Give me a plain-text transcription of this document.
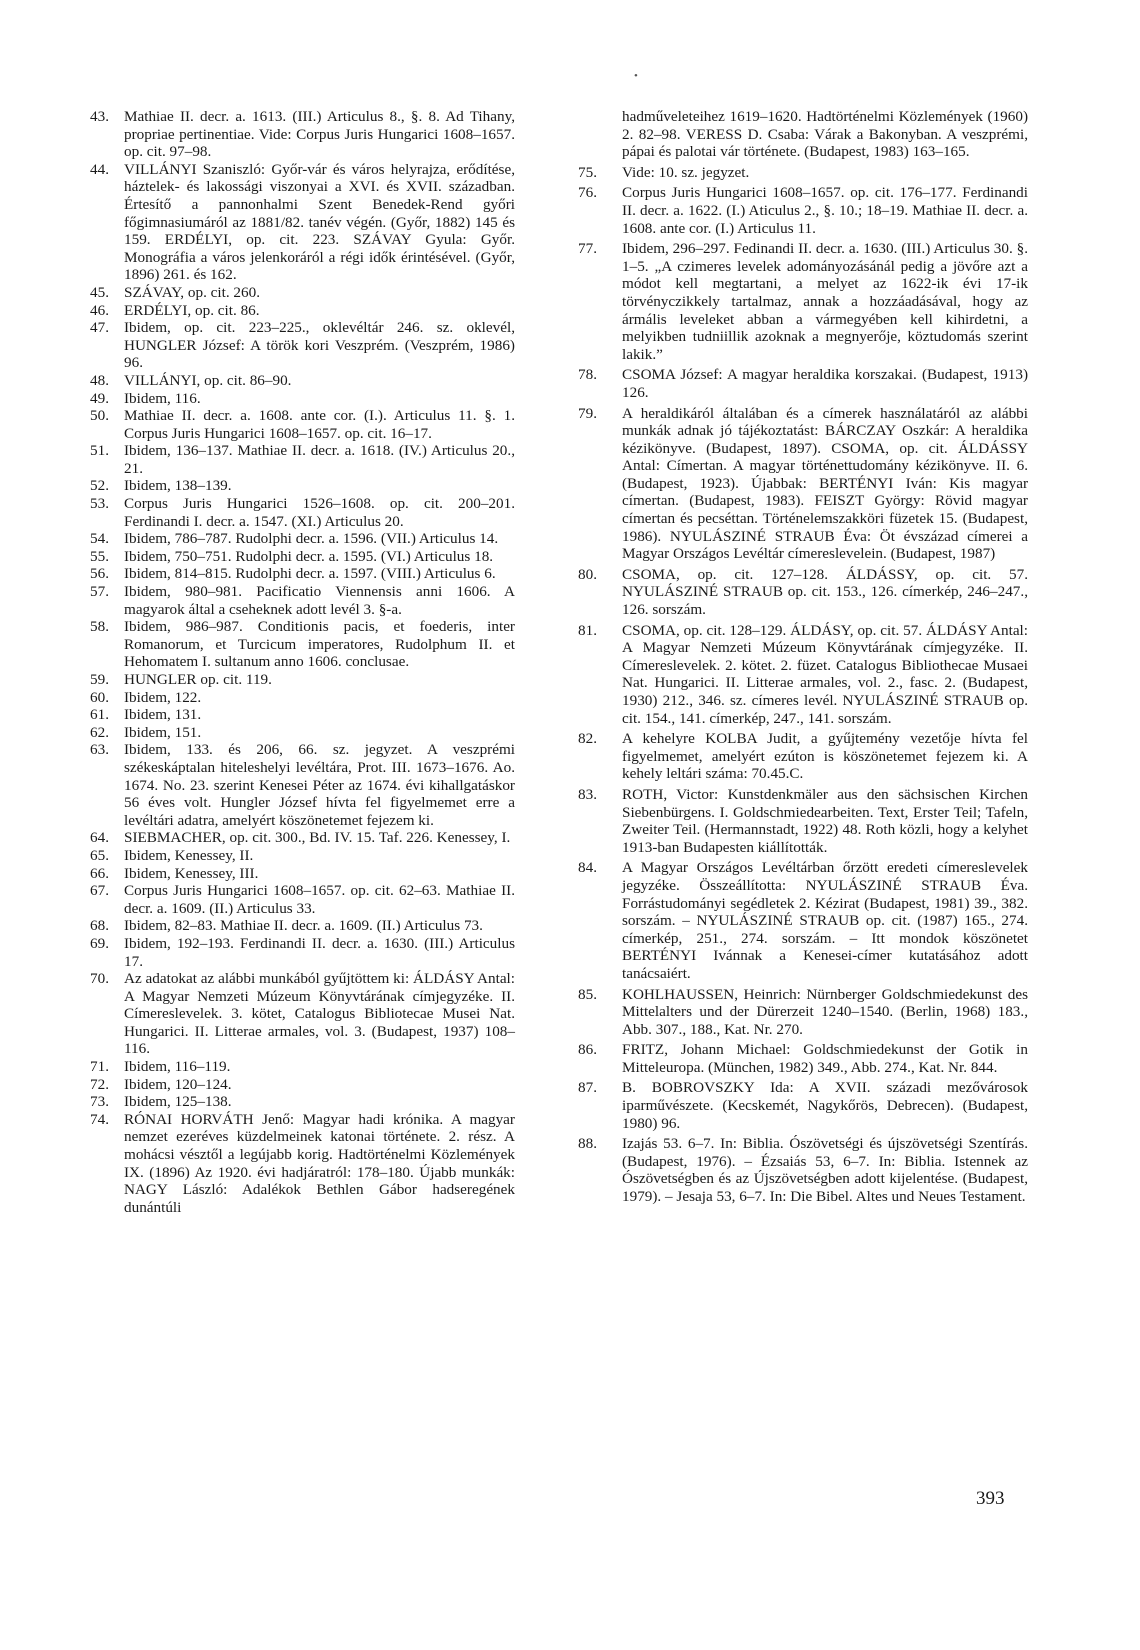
•
43. Mathiae II. decr. a. 1613. (III.) Articulus 8., §. 8. Ad Tihany, propriae pertinentiae. Vide: Corpus Juris Hungarici 1608–1657. op. cit. 97–98.
44. VILLÁNYI Szaniszló: Győr-vár és város helyrajza, erődítése, háztelek- és lakossági viszonyai a XVI. és XVII. században. Értesítő a pannonhalmi Szent Benedek-Rend győri főgimnasiumáról az 1881/82. tanév végén. (Győr, 1882) 145 és 159. ERDÉLYI, op. cit. 223. SZÁVAY Gyula: Győr. Monográfia a város jelenkoráról a régi idők érintésével. (Győr, 1896) 261. és 162.
45. SZÁVAY, op. cit. 260.
46. ERDÉLYI, op. cit. 86.
47. Ibidem, op. cit. 223–225., oklevéltár 246. sz. oklevél, HUNGLER József: A török kori Veszprém. (Veszprém, 1986) 96.
48. VILLÁNYI, op. cit. 86–90.
49. Ibidem, 116.
50. Mathiae II. decr. a. 1608. ante cor. (I.). Articulus 11. §. 1. Corpus Juris Hungarici 1608–1657. op. cit. 16–17.
51. Ibidem, 136–137. Mathiae II. decr. a. 1618. (IV.) Articulus 20., 21.
52. Ibidem, 138–139.
53. Corpus Juris Hungarici 1526–1608. op. cit. 200–201. Ferdinandi I. decr. a. 1547. (XI.) Articulus 20.
54. Ibidem, 786–787. Rudolphi decr. a. 1596. (VII.) Articulus 14.
55. Ibidem, 750–751. Rudolphi decr. a. 1595. (VI.) Articulus 18.
56. Ibidem, 814–815. Rudolphi decr. a. 1597. (VIII.) Articulus 6.
57. Ibidem, 980–981. Pacificatio Viennensis anni 1606. A magyarok által a cseheknek adott levél 3. §-a.
58. Ibidem, 986–987. Conditionis pacis, et foederis, inter Romanorum, et Turcicum imperatores, Rudolphum II. et Hehomatem I. sultanum anno 1606. conclusae.
59. HUNGLER op. cit. 119.
60. Ibidem, 122.
61. Ibidem, 131.
62. Ibidem, 151.
63. Ibidem, 133. és 206, 66. sz. jegyzet. A veszprémi székeskáptalan hiteleshelyi levéltára, Prot. III. 1673–1676. Ao. 1674. No. 23. szerint Kenesei Péter az 1674. évi kihallgatáskor 56 éves volt. Hungler József hívta fel figyelmemet erre a levéltári adatra, amelyért köszönetemet fejezem ki.
64. SIEBMACHER, op. cit. 300., Bd. IV. 15. Taf. 226. Kenessey, I.
65. Ibidem, Kenessey, II.
66. Ibidem, Kenessey, III.
67. Corpus Juris Hungarici 1608–1657. op. cit. 62–63. Mathiae II. decr. a. 1609. (II.) Articulus 33.
68. Ibidem, 82–83. Mathiae II. decr. a. 1609. (II.) Articulus 73.
69. Ibidem, 192–193. Ferdinandi II. decr. a. 1630. (III.) Articulus 17.
70. Az adatokat az alábbi munkából gyűjtöttem ki: ÁLDÁSY Antal: A Magyar Nemzeti Múzeum Könyvtárának címjegyzéke. II. Címereslevelek. 3. kötet, Catalogus Bibliotecae Musei Nat. Hungarici. II. Litterae armales, vol. 3. (Budapest, 1937) 108–116.
71. Ibidem, 116–119.
72. Ibidem, 120–124.
73. Ibidem, 125–138.
74. RÓNAI HORVÁTH Jenő: Magyar hadi krónika. A magyar nemzet ezeréves küzdelmeinek katonai története. 2. rész. A mohácsi vésztől a legújabb korig. Hadtörténelmi Közlemények IX. (1896) Az 1920. évi hadjáratról: 178–180. Újabb munkák: NAGY László: Adalékok Bethlen Gábor hadseregének dunántúli
hadműveleteihez 1619–1620. Hadtörténelmi Közlemények (1960) 2. 82–98. VERESS D. Csaba: Várak a Bakonyban. A veszprémi, pápai és palotai vár története. (Budapest, 1983) 163–165.
75.	Vide: 10. sz. jegyzet.
76.	Corpus Juris Hungarici 1608–1657. op. cit. 176–177. Ferdinandi II. decr. a. 1622. (I.) Aticulus 2., §. 10.; 18–19. Mathiae II. decr. a. 1608. ante cor. (I.) Articulus 11.
77.	Ibidem, 296–297. Fedinandi II. decr. a. 1630. (III.) Articulus 30. §. 1–5. „A czimeres levelek adományozásánál pedig a jövőre azt a módot kell megtartani, a melyet az 1622-ik évi 17-ik törvényczikkely tartalmaz, annak a hozzáadásával, hogy az ármális leveleket abban a vármegyében kell kihirdetni, a melyikben tudniillik azoknak a megnyerője, köztudomás szerint lakik.”
78.	CSOMA József: A magyar heraldika korszakai. (Budapest, 1913) 126.
79.	A heraldikáról általában és a címerek használatáról az alábbi munkák adnak jó tájékoztatást: BÁRCZAY Oszkár: A heraldika kézikönyve. (Budapest, 1897). CSOMA, op. cit. ÁLDÁSSY Antal: Címertan. A magyar történettudomány kézikönyve. II. 6. (Budapest, 1923). Újabbak: BERTÉNYI Iván: Kis magyar címertan. (Budapest, 1983). FEISZT György: Rövid magyar címertan és pecséttan. Történelemszakköri füzetek 15. (Budapest, 1986). NYULÁSZINÉ STRAUB Éva: Öt évszázad címerei a Magyar Országos Levéltár címereslevelein. (Budapest, 1987)
80.	CSOMA, op. cit. 127–128. ÁLDÁSSY, op. cit. 57. NYULÁSZINÉ STRAUB op. cit. 153., 126. címerkép, 246–247., 126. sorszám.
81.	CSOMA, op. cit. 128–129. ÁLDÁSY, op. cit. 57. ÁLDÁSY Antal: A Magyar Nemzeti Múzeum Könyvtárának címjegyzéke. II. Címereslevelek. 2. kötet. 2. füzet. Catalogus Bibliothecae Musaei Nat. Hungarici. II. Litterae armales, vol. 2., fasc. 2. (Budapest, 1930) 212., 346. sz. címeres levél. NYULÁSZINÉ STRAUB op. cit. 154., 141. címerkép, 247., 141. sorszám.
82.	A kehelyre KOLBA Judit, a gyűjtemény vezetője hívta fel figyelmemet, amelyért ezúton is köszönetemet fejezem ki. A kehely leltári száma: 70.45.C.
83.	ROTH, Victor: Kunstdenkmäler aus den sächsischen Kirchen Siebenbürgens. I. Goldschmiedearbeiten. Text, Erster Teil; Tafeln, Zweiter Teil. (Hermannstadt, 1922) 48. Roth közli, hogy a kelyhet 1913-ban Budapesten kiállították.
84.	A Magyar Országos Levéltárban őrzött eredeti címereslevelek jegyzéke. Összeállította: NYULÁSZINÉ STRAUB Éva. Forrástudományi segédletek 2. Kézirat (Budapest, 1981) 39., 382. sorszám. – NYULÁSZINÉ STRAUB op. cit. (1987) 165., 274. címerkép, 251., 274. sorszám. – Itt mondok köszönetet BERTÉNYI Ivánnak a Kenesei-címer kutatásához adott tanácsaiért.
85.	KOHLHAUSSEN, Heinrich: Nürnberger Goldschmiedekunst des Mittelalters und der Dürerzeit 1240–1540. (Berlin, 1968) 183., Abb. 307., 188., Kat. Nr. 270.
86.	FRITZ, Johann Michael: Goldschmiedekunst der Gotik in Mitteleuropa. (München, 1982) 349., Abb. 274., Kat. Nr. 844.
87.	B. BOBROVSZKY Ida: A XVII. századi mezővárosok iparművészete. (Kecskemét, Nagykőrös, Debrecen). (Budapest, 1980) 96.
88.	Izajás 53. 6–7. In: Biblia. Ószövetségi és újszövetségi Szentírás. (Budapest, 1976). – Ézsaiás 53, 6–7. In: Biblia. Istennek az Ószövetségben és az Újszövetségben adott kijelentése. (Budapest, 1979). – Jesaja 53, 6–7. In: Die Bibel. Altes und Neues Testament.
393
